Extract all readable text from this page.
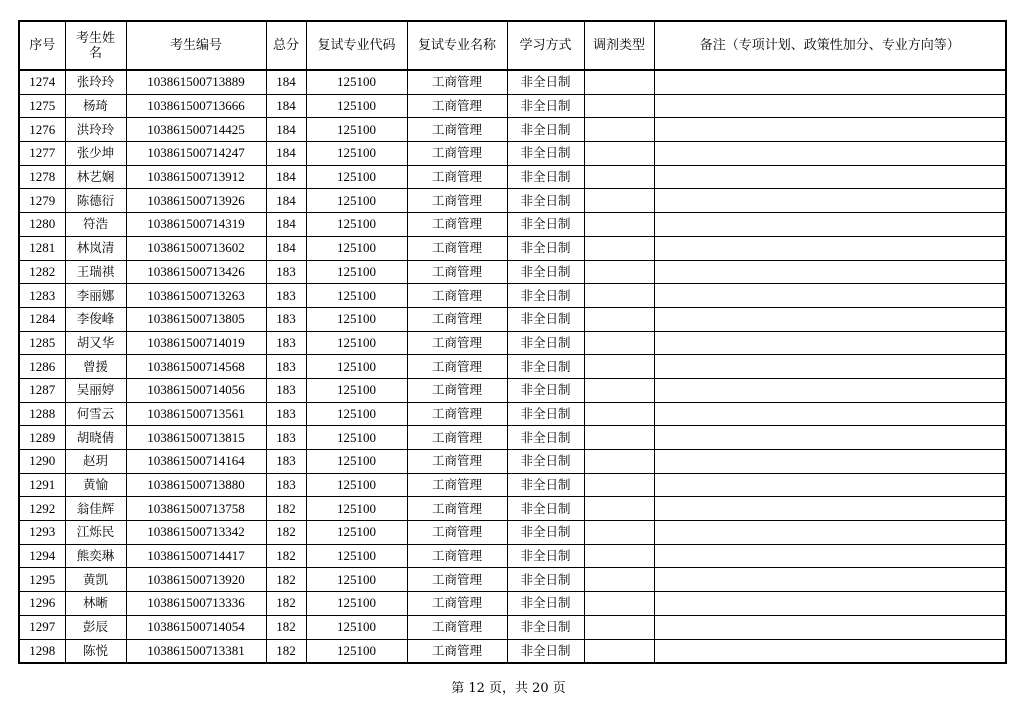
序号	考生姓名	考生编号	总分	复试专业代码	复试专业名称	学习方式	调剂类型	备注（专项计划、政策性加分、专业方向等）
1274	张玲玲	103861500713889	184	125100	工商管理	非全日制		
1275	杨琦	103861500713666	184	125100	工商管理	非全日制		
1276	洪玲玲	103861500714425	184	125100	工商管理	非全日制		
1277	张少坤	103861500714247	184	125100	工商管理	非全日制		
1278	林艺娴	103861500713912	184	125100	工商管理	非全日制		
1279	陈德衍	103861500713926	184	125100	工商管理	非全日制		
1280	符浩	103861500714319	184	125100	工商管理	非全日制		
1281	林岚清	103861500713602	184	125100	工商管理	非全日制		
1282	王瑞祺	103861500713426	183	125100	工商管理	非全日制		
1283	李丽娜	103861500713263	183	125100	工商管理	非全日制		
1284	李俊峰	103861500713805	183	125100	工商管理	非全日制		
1285	胡又华	103861500714019	183	125100	工商管理	非全日制		
1286	曾援	103861500714568	183	125100	工商管理	非全日制		
1287	吴丽婷	103861500714056	183	125100	工商管理	非全日制		
1288	何雪云	103861500713561	183	125100	工商管理	非全日制		
1289	胡晓倩	103861500713815	183	125100	工商管理	非全日制		
1290	赵玥	103861500714164	183	125100	工商管理	非全日制		
1291	黄愉	103861500713880	183	125100	工商管理	非全日制		
1292	翁佳辉	103861500713758	182	125100	工商管理	非全日制		
1293	江烁民	103861500713342	182	125100	工商管理	非全日制		
1294	熊奕琳	103861500714417	182	125100	工商管理	非全日制		
1295	黄凯	103861500713920	182	125100	工商管理	非全日制		
1296	林晰	103861500713336	182	125100	工商管理	非全日制		
1297	彭辰	103861500714054	182	125100	工商管理	非全日制		
1298	陈悦	103861500713381	182	125100	工商管理	非全日制		
第 12 页，共 20 页
